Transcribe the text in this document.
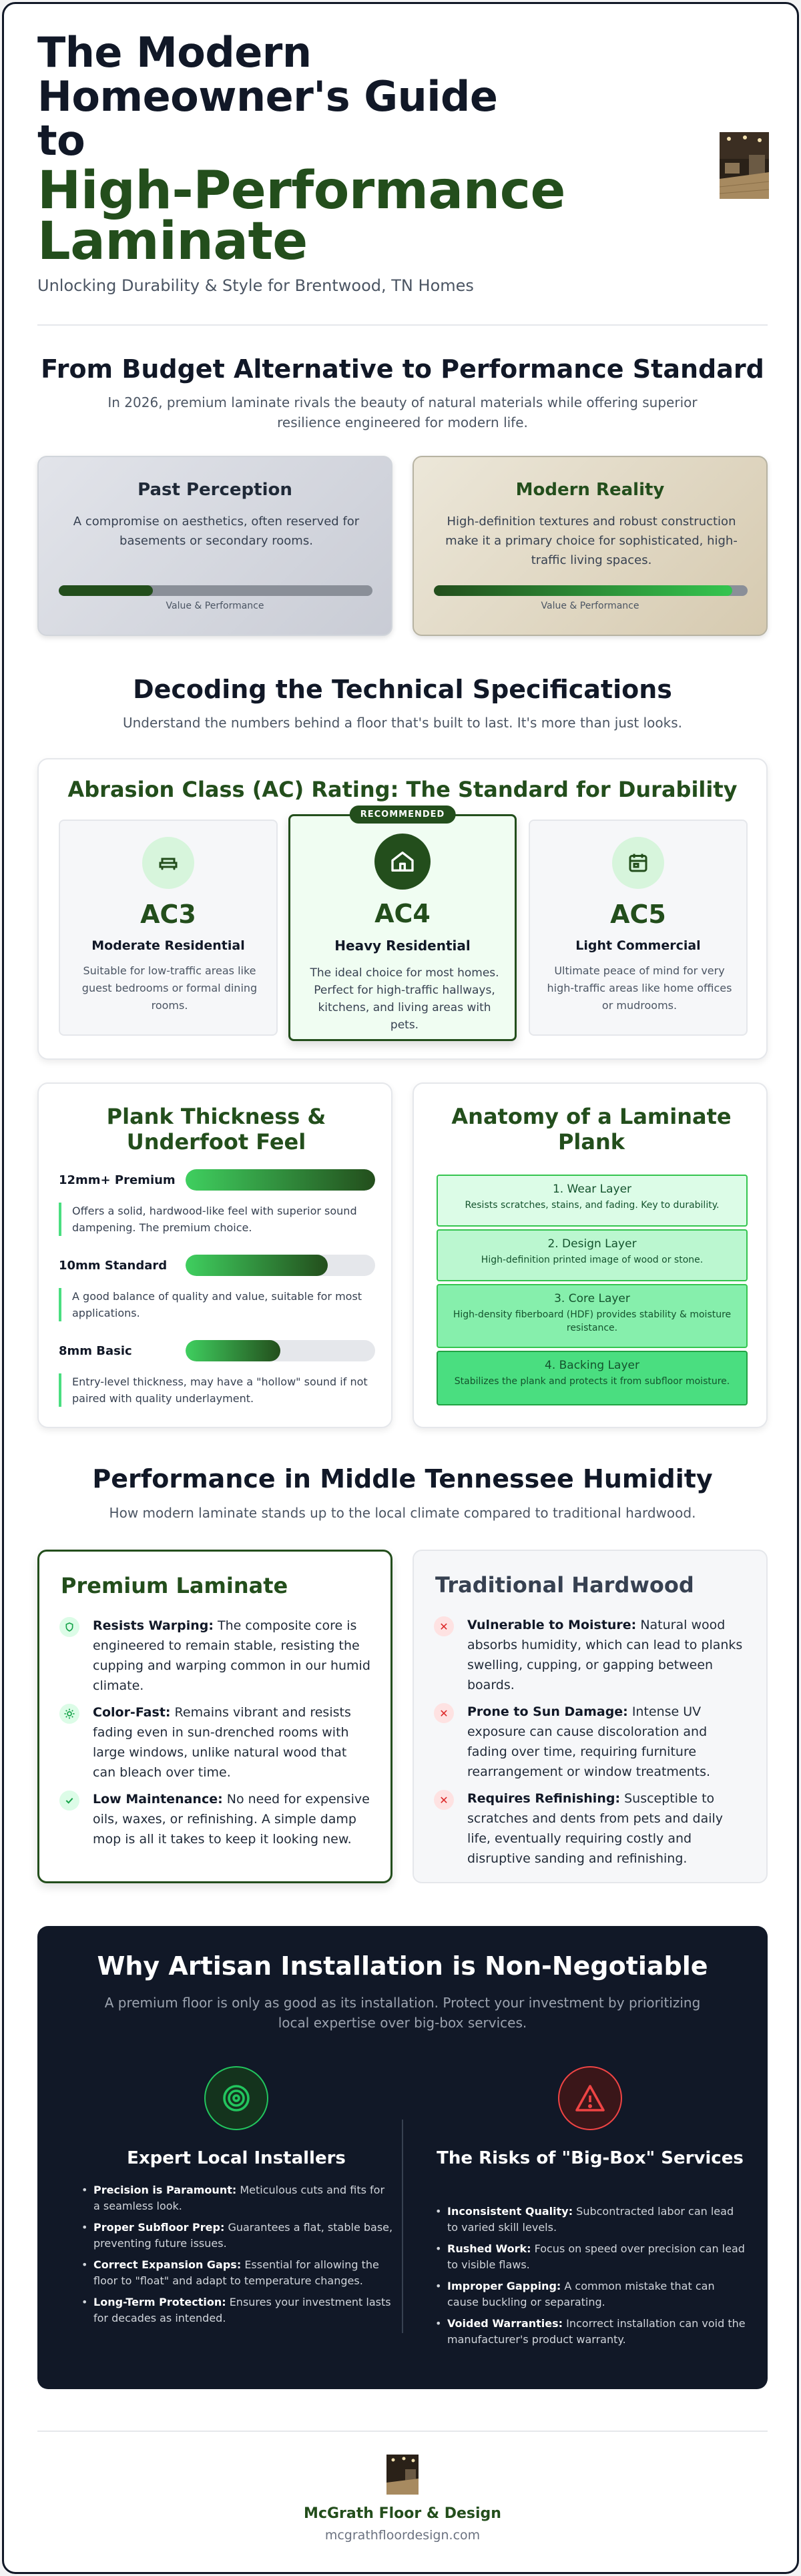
The Modern
Homeowner's Guide
to
High-Performance
Laminate
Unlocking Durability & Style for Brentwood, TN Homes
From Budget Alternative to Performance Standard
In 2026, premium laminate rivals the beauty of natural materials while offering superior resilience engineered for modern life.
Past Perception

A compromise on aesthetics, often reserved for basements or secondary rooms.

Value & Performance
Modern Reality

High-definition textures and robust construction make it a primary choice for sophisticated, high-traffic living spaces.

Value & Performance
Decoding the Technical Specifications
Understand the numbers behind a floor that's built to last. It's more than just looks.
Abrasion Class (AC) Rating: The Standard for Durability
AC3
Moderate Residential
Suitable for low-traffic areas like guest bedrooms or formal dining rooms.
RECOMMENDED
AC4
Heavy Residential
The ideal choice for most homes. Perfect for high-traffic hallways, kitchens, and living areas with pets.
AC5
Light Commercial
Ultimate peace of mind for very high-traffic areas like home offices or mudrooms.
Plank Thickness & Underfoot Feel
12mm+ Premium
Offers a solid, hardwood-like feel with superior sound dampening. The premium choice.
10mm Standard
A good balance of quality and value, suitable for most applications.
8mm Basic
Entry-level thickness, may have a "hollow" sound if not paired with quality underlayment.
Anatomy of a Laminate Plank
1. Wear Layer
Resists scratches, stains, and fading. Key to durability.
2. Design Layer
High-definition printed image of wood or stone.
3. Core Layer
High-density fiberboard (HDF) provides stability & moisture resistance.
4. Backing Layer
Stabilizes the plank and protects it from subfloor moisture.
Performance in Middle Tennessee Humidity
How modern laminate stands up to the local climate compared to traditional hardwood.
Premium Laminate
Resists Warping: The composite core is engineered to remain stable, resisting the cupping and warping common in our humid climate.
Color-Fast: Remains vibrant and resists fading even in sun-drenched rooms with large windows, unlike natural wood that can bleach over time.
Low Maintenance: No need for expensive oils, waxes, or refinishing. A simple damp mop is all it takes to keep it looking new.
Traditional Hardwood
✕	Vulnerable to Moisture: Natural wood absorbs humidity, which can lead to planks swelling, cupping, or gapping between boards.
✕	Prone to Sun Damage: Intense UV exposure can cause discoloration and fading over time, requiring furniture rearrangement or window treatments.
✕	Requires Refinishing: Susceptible to scratches and dents from pets and daily life, eventually requiring costly and disruptive sanding and refinishing.
Why Artisan Installation is Non-Negotiable
A premium floor is only as good as its installation. Protect your investment by prioritizing local expertise over big-box services.
Expert Local Installers
• Precision is Paramount: Meticulous cuts and fits for a seamless look.
• Proper Subfloor Prep: Guarantees a flat, stable base, preventing future issues.
• Correct Expansion Gaps: Essential for allowing the floor to "float" and adapt to temperature changes.
• Long-Term Protection: Ensures your investment lasts for decades as intended.
The Risks of "Big-Box" Services
• Inconsistent Quality: Subcontracted labor can lead to varied skill levels.
• Rushed Work: Focus on speed over precision can lead to visible flaws.
• Improper Gapping: A common mistake that can cause buckling or separating.
• Voided Warranties: Incorrect installation can void the manufacturer's product warranty.
McGrath Floor & Design
mcgrathfloordesign.com
